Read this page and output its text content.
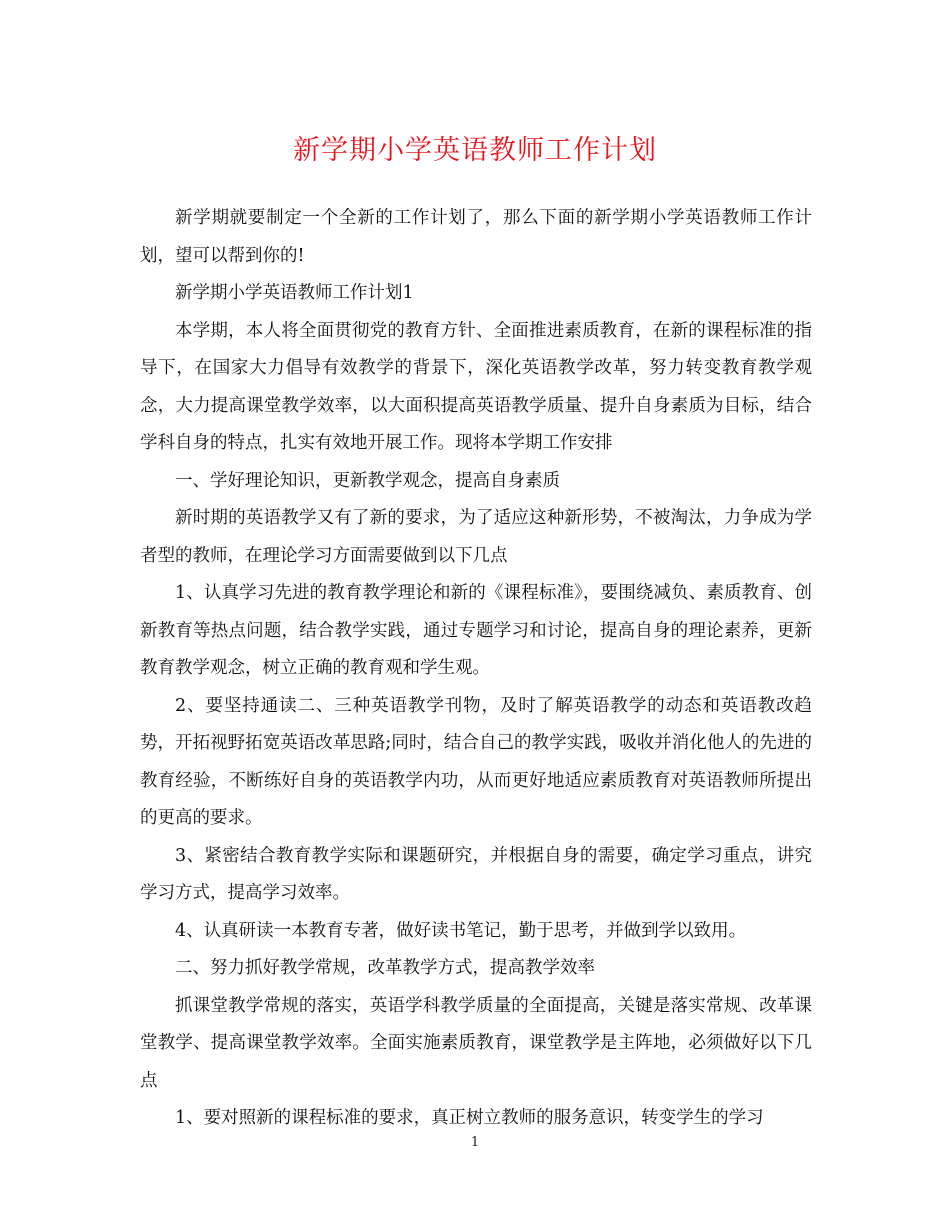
新学期小学英语教师工作计划

新学期就要制定一个全新的工作计划了，那么下面的新学期小学英语教师工作计划，望可以帮到你的!

新学期小学英语教师工作计划1

本学期，本人将全面贯彻党的教育方针、全面推进素质教育，在新的课程标准的指导下，在国家大力倡导有效教学的背景下，深化英语教学改革，努力转变教育教学观念，大力提高课堂教学效率，以大面积提高英语教学质量、提升自身素质为目标，结合学科自身的特点，扎实有效地开展工作。现将本学期工作安排

一、学好理论知识，更新教学观念，提高自身素质

新时期的英语教学又有了新的要求，为了适应这种新形势，不被淘汰，力争成为学者型的教师，在理论学习方面需要做到以下几点

1、认真学习先进的教育教学理论和新的《课程标准》，要围绕减负、素质教育、创新教育等热点问题，结合教学实践，通过专题学习和讨论，提高自身的理论素养，更新教育教学观念，树立正确的教育观和学生观。

2、要坚持通读二、三种英语教学刊物，及时了解英语教学的动态和英语教改趋势，开拓视野拓宽英语改革思路;同时，结合自己的教学实践，吸收并消化他人的先进的教育经验，不断练好自身的英语教学内功，从而更好地适应素质教育对英语教师所提出的更高的要求。

3、紧密结合教育教学实际和课题研究，并根据自身的需要，确定学习重点，讲究学习方式，提高学习效率。

4、认真研读一本教育专著，做好读书笔记，勤于思考，并做到学以致用。

二、努力抓好教学常规，改革教学方式，提高教学效率

抓课堂教学常规的落实，英语学科教学质量的全面提高，关键是落实常规、改革课堂教学、提高课堂教学效率。全面实施素质教育，课堂教学是主阵地，必须做好以下几点

1、要对照新的课程标准的要求，真正树立教师的服务意识，转变学生的学习

1
